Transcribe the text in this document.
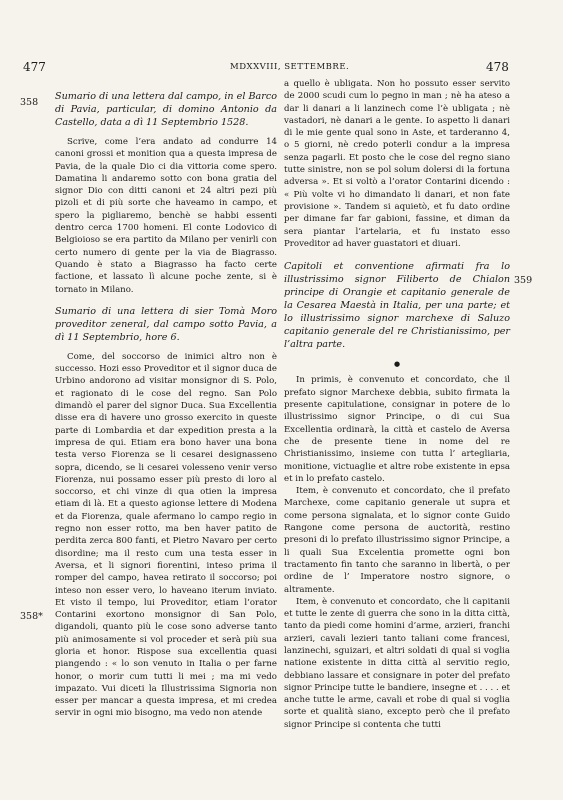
477	MDXXVIII, SETTEMBRE.	478
358
358*
359

Sumario di una lettera dal campo, in el Barco di Pavia, particular, di domino Antonio da Castello, data a dì 11 Septembrio 1528.

Scrive, come l’era andato ad condurre 14 canoni grossi et monition qua a questa impresa de Pavia, de la quale Dio ci dia vittoria come spero. Damatina li andaremo sotto con bona gratia del signor Dio con ditti canoni et 24 altri pezi più pizoli et di più sorte che haveamo in campo, et spero la pigliaremo, benchè se habbi essenti dentro cerca 1700 homeni. El conte Lodovico di Belgioioso se era partito da Milano per venirli con certo numero di gente per la via de Biagrasso. Quando è stato a Biagrasso ha facto certe factione, et lassato lì alcune poche zente, si è tornato in Milano.

Sumario di una lettera di sier Tomà Moro proveditor zeneral, dal campo sotto Pavia, a dì 11 Septembrio, hore 6.

Come, del soccorso de inimici altro non è successo. Hozi esso Proveditor et il signor duca de Urbino andorono ad visitar monsignor di S. Polo, et ragionato di le cose del regno. San Polo dimandò el parer del signor Duca. Sua Excellentia disse era di havere uno grosso exercito in queste parte di Lombardia et dar expedition presta a la impresa de qui. Etiam era bono haver una bona testa verso Fiorenza se li cesarei designasseno sopra, dicendo, se li cesarei volesseno venir verso Fiorenza, nui possamo esser più presto di loro al soccorso, et chi vinze di qua otien la impresa etiam di là. Et a questo agionse lettere di Modena et da Fiorenza, quale afermano lo campo regio in regno non esser rotto, ma ben haver patito de perdita zerca 800 fanti, et Pietro Navaro per certo disordine; ma il resto cum una testa esser in Aversa, et li signori fiorentini, inteso prima il romper del campo, havea retirato il soccorso; poi inteso non esser vero, lo haveano iterum inviato. Et visto il tempo, lui Proveditor, etiam l’orator Contarini exortono monsignor di San Polo, digandoli, quanto più le cose sono adverse tanto più animosamente si vol proceder et serà più sua gloria et honor. Rispose sua excellentia quasi piangendo : « lo son venuto in Italia o per farne honor, o morir cum tutti li mei ; ma mi vedo impazato. Vui diceti la Illustrissima Signoria non esser per mancar a questa impresa, et mi credea servir in ogni mio bisogno, ma vedo non atende

a quello è ubligata. Non ho possuto esser servito de 2000 scudi cum lo pegno in man ; nè ha ateso a dar li danari a li lanzinech come l’è ubligata ; nè vastadori, nè danari a le gente. Io aspetto li danari di le mie gente qual sono in Aste, et tarderanno 4, o 5 giorni, nè credo poterli condur a la impresa senza pagarli. Et posto che le cose del regno siano tutte sinistre, non se pol solum dolersi di la fortuna adversa ». Et si voltò a l’orator Contarini dicendo : « Più volte vi ho dimandato li danari, et non fate provisione ». Tandem si aquietò, et fu dato ordine per dimane far far gabioni, fassine, et diman da sera piantar l’artelaria, et fu instato esso Proveditor ad haver guastatori et diuari.

Capitoli et conventione afirmati fra lo illustrissimo signor Filiberto de Chialon principe di Orangie et capitanio generale de la Cesarea Maestà in Italia, per una parte; et lo illustrissimo signor marchexe di Saluzo capitanio generale del re Christianissimo, per l’altra parte.

●

In primis, è convenuto et concordato, che il prefato signor Marchexe debbia, subito firmata la presente capitulatione, consignar in potere de lo illustrissimo signor Principe, o di cui Sua Excellentia ordinarà, la città et castelo de Aversa che de presente tiene in nome del re Christianissimo, insieme con tutta l’ artegliaria, monitione, victuaglie et altre robe existente in epsa et in lo prefato castelo.

Item, è convenuto et concordato, che il prefato Marchexe, come capitanio generale ut supra et come persona signalata, et lo signor conte Guido Rangone come persona de auctorità, restino presoni di lo prefato illustrissimo signor Principe, a li quali Sua Excelentia promette ogni bon tractamento fin tanto che saranno in libertà, o per ordine de l’ Imperatore nostro signore, o altramente.

Item, è convenuto et concordato, che li capitanii et tutte le zente di guerra che sono in la ditta città, tanto da piedi come homini d’arme, arzieri, franchi arzieri, cavali lezieri tanto taliani come francesi, lanzinechi, sguizari, et altri soldati di qual si voglia natione existente in ditta città al servitio regio, debbiano lassare et consignare in poter del prefato signor Principe tutte le bandiere, insegne et . . . . et anche tutte le arme, cavali et robe di qual si voglia sorte et qualità siano, excepto però che il prefato signor Principe si contenta che tutti
